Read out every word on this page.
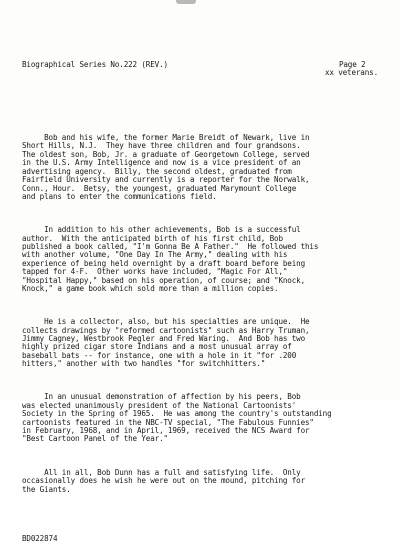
Biographical Series No.222 (REV.)	Page 2
xx veterans.

Bob and his wife, the former Marie Breidt of Newark, live in
Short Hills, N.J.  They have three children and four grandsons.
The oldest son, Bob, Jr. a graduate of Georgetown College, served
in the U.S. Army Intelligence and now is a vice president of an
advertising agency.  Billy, the second oldest, graduated from
Fairfield University and currently is a reporter for the Norwalk,
Conn., Hour.  Betsy, the youngest, graduated Marymount College
and plans to enter the communications field.

In addition to his other achievements, Bob is a successful
author.  With the anticipated birth of his first child, Bob
published a book called, "I'm Gonna Be A Father."  He followed this
with another volume, "One Day In The Army," dealing with his
experience of being held overnight by a draft board before being
tapped for 4-F.  Other works have included, "Magic For All,"
"Hospital Happy," based on his operation, of course; and "Knock,
Knock," a game book which sold more than a million copies.

He is a collector, also, but his specialties are unique.  He
collects drawings by "reformed cartoonists" such as Harry Truman,
Jimmy Cagney, Westbrook Pegler and Fred Waring.  And Bob has two
highly prized cigar store Indians and a most unusual array of
baseball bats -- for instance, one with a hole in it "for .200
hitters," another with two handles "for switchhitters."

In an unusual demonstration of affection by his peers, Bob
was elected unanimously president of the National Cartoonists'
Society in the Spring of 1965.  He was among the country's outstanding
cartoonists featured in the NBC-TV special, "The Fabulous Funnies"
in February, 1968, and in April, 1969, received the NCS Award for
"Best Cartoon Panel of the Year."

All in all, Bob Dunn has a full and satisfying life.  Only
occasionally does he wish he were out on the mound, pitching for
the Giants.

BD022874
